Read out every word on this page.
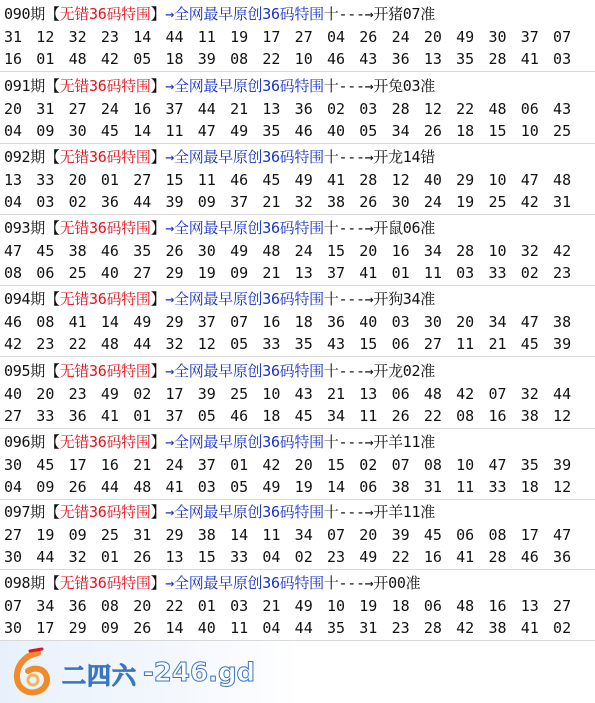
090期【无错36码特围】→全网最早原创36码特围十---→开猪07准
31 12 32 23 14 44 11 19 17 27 04 26 24 20 49 30 37 07
16 01 48 42 05 18 39 08 22 10 46 43 36 13 35 28 41 03
091期【无错36码特围】→全网最早原创36码特围十---→开兔03准
20 31 27 24 16 37 44 21 13 36 02 03 28 12 22 48 06 43
04 09 30 45 14 11 47 49 35 46 40 05 34 26 18 15 10 25
092期【无错36码特围】→全网最早原创36码特围十---→开龙14错
13 33 20 01 27 15 11 46 45 49 41 28 12 40 29 10 47 48
04 03 02 36 44 39 09 37 21 32 38 26 30 24 19 25 42 31
093期【无错36码特围】→全网最早原创36码特围十---→开鼠06准
47 45 38 46 35 26 30 49 48 24 15 20 16 34 28 10 32 42
08 06 25 40 27 29 19 09 21 13 37 41 01 11 03 33 02 23
094期【无错36码特围】→全网最早原创36码特围十---→开狗34准
46 08 41 14 49 29 37 07 16 18 36 40 03 30 20 34 47 38
42 23 22 48 44 32 12 05 33 35 43 15 06 27 11 21 45 39
095期【无错36码特围】→全网最早原创36码特围十---→开龙02准
40 20 23 49 02 17 39 25 10 43 21 13 06 48 42 07 32 44
27 33 36 41 01 37 05 46 18 45 34 11 26 22 08 16 38 12
096期【无错36码特围】→全网最早原创36码特围十---→开羊11准
30 45 17 16 21 24 37 01 42 20 15 02 07 08 10 47 35 39
04 09 26 44 48 41 03 05 49 19 14 06 38 31 11 33 18 12
097期【无错36码特围】→全网最早原创36码特围十---→开羊11准
27 19 09 25 31 29 38 14 11 34 07 20 39 45 06 08 17 47
30 44 32 01 26 13 15 33 04 02 23 49 22 16 41 28 46 36
098期【无错36码特围】→全网最早原创36码特围十---→开00准
07 34 36 08 20 22 01 03 21 49 10 19 18 06 48 16 13 27
30 17 29 09 26 14 40 11 04 44 35 31 23 28 42 38 41 02
二四六 -246.gd
